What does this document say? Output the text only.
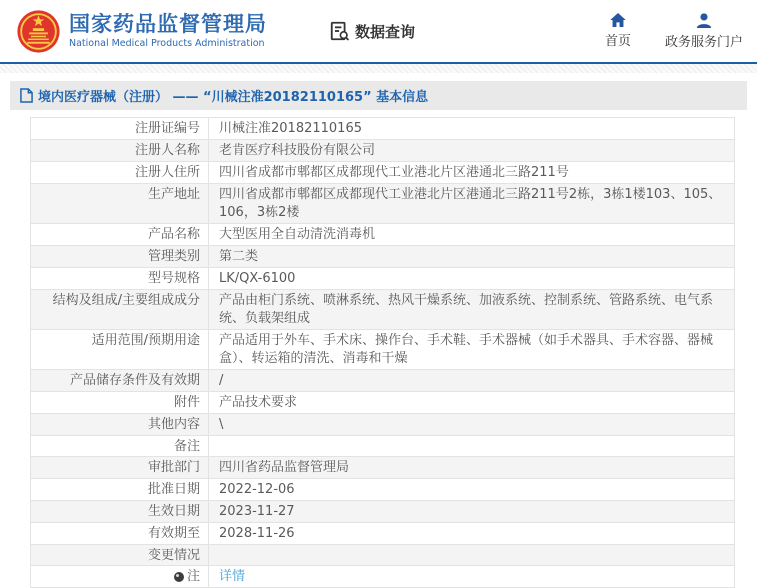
国家药品监督管理局
National Medical Products Administration
数据查询
首页	政务服务门户
境内医疗器械（注册） —— “川械注准20182110165” 基本信息
注册证编号	川械注准20182110165
注册人名称	老肯医疗科技股份有限公司
注册人住所	四川省成都市郫都区成都现代工业港北片区港通北三路211号
生产地址	四川省成都市郫都区成都现代工业港北片区港通北三路211号2栋，3栋1楼103、105、106，3栋2楼
产品名称	大型医用全自动清洗消毒机
管理类别	第二类
型号规格	LK/QX-6100
结构及组成/主要组成成分	产品由柜门系统、喷淋系统、热风干燥系统、加液系统、控制系统、管路系统、电气系统、负载架组成
适用范围/预期用途	产品适用于外车、手术床、操作台、手术鞋、手术器械（如手术器具、手术容器、器械盒）、转运箱的清洗、消毒和干燥
产品储存条件及有效期	/
附件	产品技术要求
其他内容	\
备注
审批部门	四川省药品监督管理局
批准日期	2022-12-06
生效日期	2023-11-27
有效期至	2028-11-26
变更情况
注	详情
